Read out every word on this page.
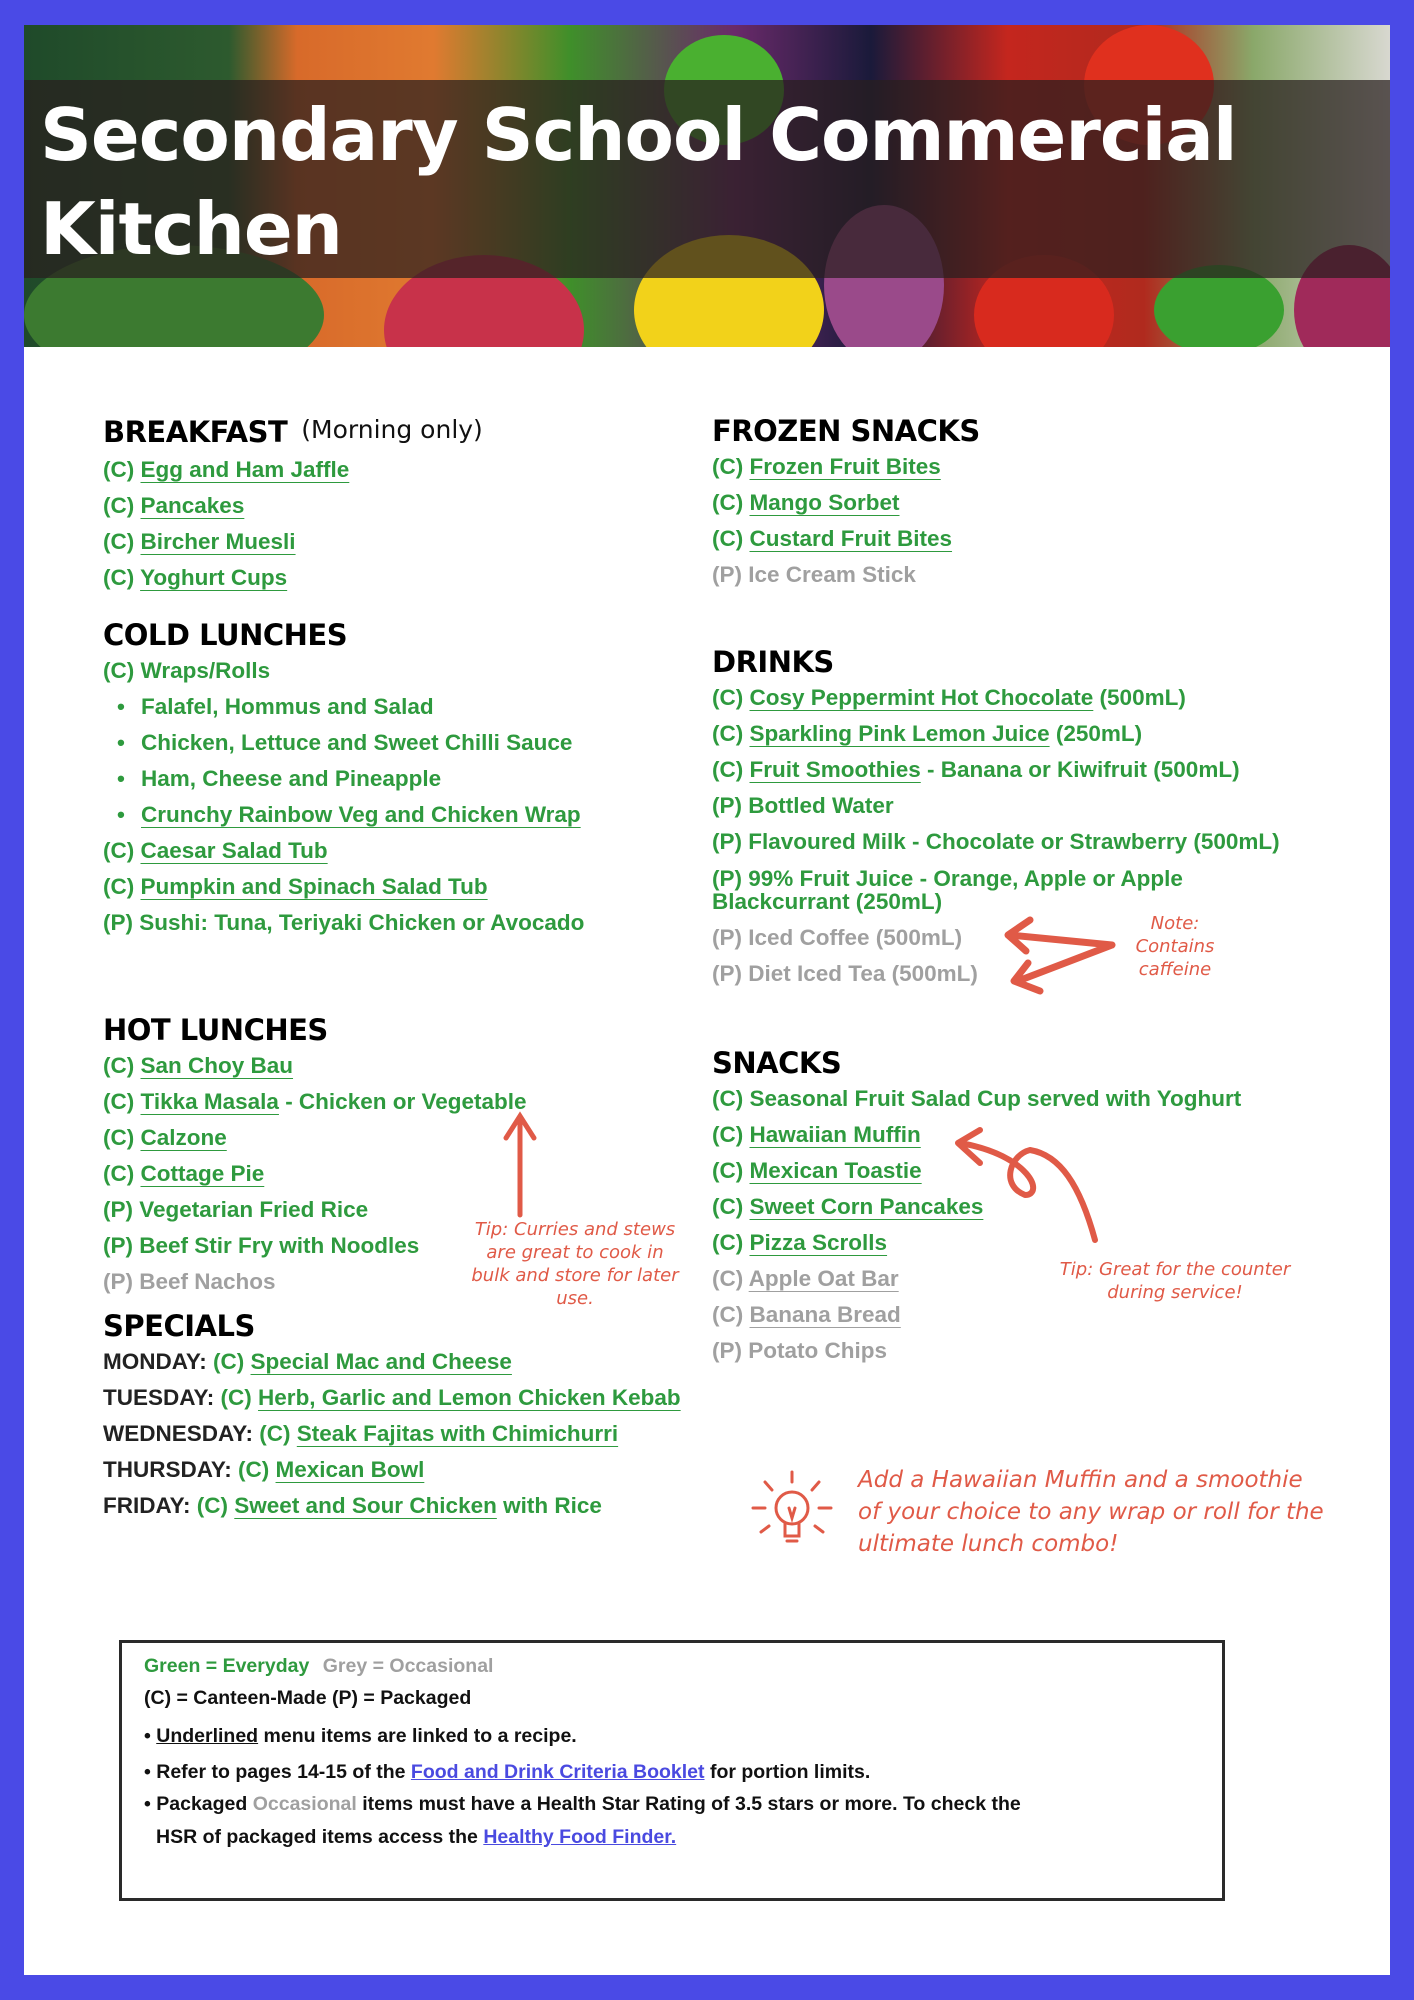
Secondary School Commercial Kitchen
BREAKFAST (Morning only)
(C) Egg and Ham Jaffle
(C) Pancakes
(C) Bircher Muesli
(C) Yoghurt Cups
COLD LUNCHES
(C) Wraps/Rolls
• Falafel, Hommus and Salad
• Chicken, Lettuce and Sweet Chilli Sauce
• Ham, Cheese and Pineapple
• Crunchy Rainbow Veg and Chicken Wrap
(C) Caesar Salad Tub
(C) Pumpkin and Spinach Salad Tub
(P) Sushi: Tuna, Teriyaki Chicken or Avocado
HOT LUNCHES
(C) San Choy Bau
(C) Tikka Masala - Chicken or Vegetable
(C) Calzone
(C) Cottage Pie
(P) Vegetarian Fried Rice
(P) Beef Stir Fry with Noodles
(P) Beef Nachos
SPECIALS
MONDAY: (C) Special Mac and Cheese
TUESDAY: (C) Herb, Garlic and Lemon Chicken Kebab
WEDNESDAY: (C) Steak Fajitas with Chimichurri
THURSDAY: (C) Mexican Bowl
FRIDAY: (C) Sweet and Sour Chicken with Rice
FROZEN SNACKS
(C) Frozen Fruit Bites
(C) Mango Sorbet
(C) Custard Fruit Bites
(P) Ice Cream Stick
DRINKS
(C) Cosy Peppermint Hot Chocolate (500mL)
(C) Sparkling Pink Lemon Juice (250mL)
(C) Fruit Smoothies - Banana or Kiwifruit (500mL)
(P) Bottled Water
(P) Flavoured Milk - Chocolate or Strawberry (500mL)
(P) 99% Fruit Juice - Orange, Apple or Apple Blackcurrant (250mL)
(P) Iced Coffee (500mL)
(P) Diet Iced Tea (500mL)
SNACKS
(C) Seasonal Fruit Salad Cup served with Yoghurt
(C) Hawaiian Muffin
(C) Mexican Toastie
(C) Sweet Corn Pancakes
(C) Pizza Scrolls
(C) Apple Oat Bar
(C) Banana Bread
(P) Potato Chips
Tip: Curries and stews are great to cook in bulk and store for later use.
Note: Contains caffeine
Tip: Great for the counter during service!
Add a Hawaiian Muffin and a smoothie of your choice to any wrap or roll for the ultimate lunch combo!
Green = Everyday Grey = Occasional
(C) = Canteen-Made (P) = Packaged
• Underlined menu items are linked to a recipe.
• Refer to pages 14-15 of the Food and Drink Criteria Booklet for portion limits.
• Packaged Occasional items must have a Health Star Rating of 3.5 stars or more. To check the
HSR of packaged items access the Healthy Food Finder.
